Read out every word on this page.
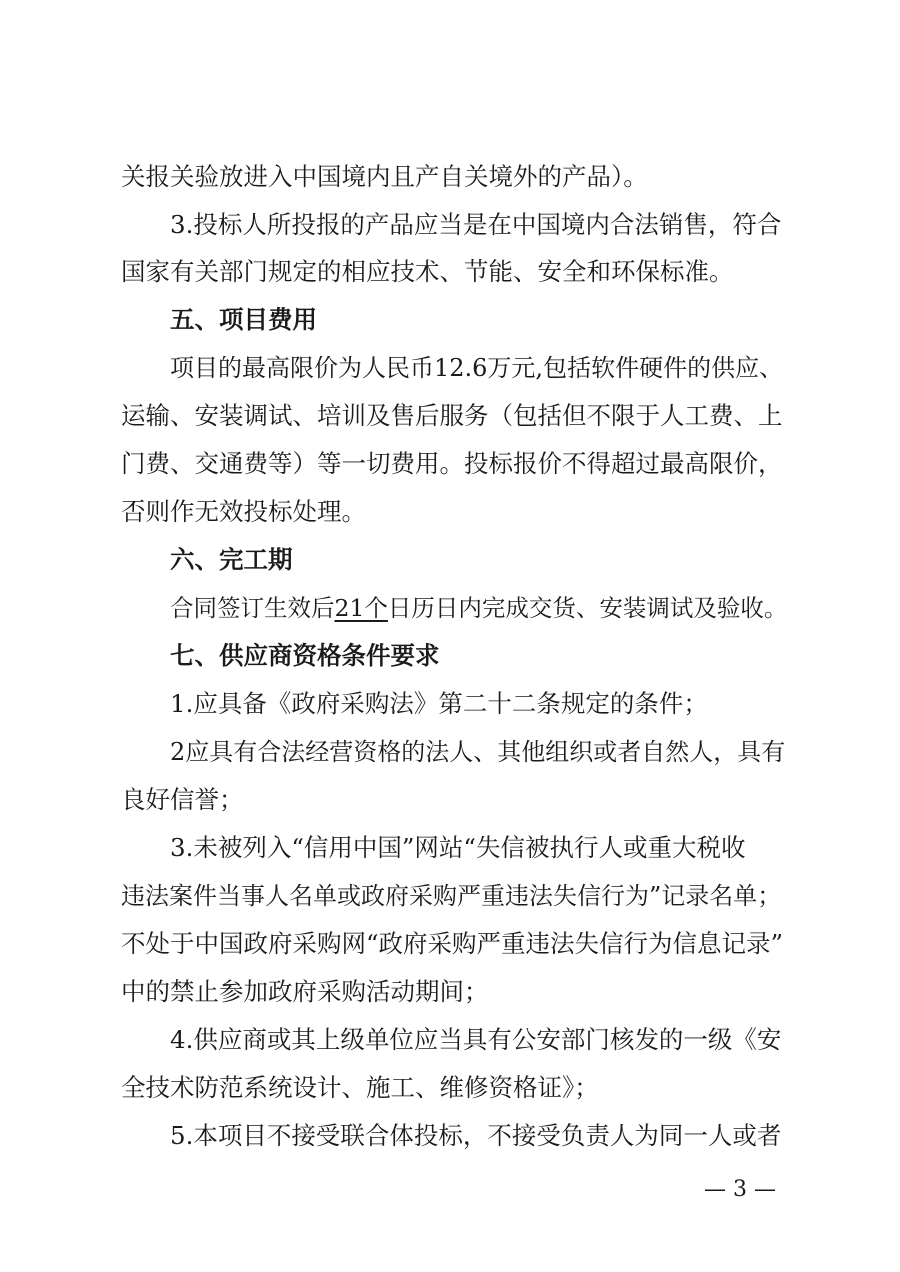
关报关验放进入中国境内且产自关境外的产品）。
3.投标人所投报的产品应当是在中国境内合法销售，符合
国家有关部门规定的相应技术、节能、安全和环保标准。
五、项目费用
项目的最高限价为人民币12.6万元,包括软件硬件的供应、
运输、安装调试、培训及售后服务（包括但不限于人工费、上
门费、交通费等）等一切费用。投标报价不得超过最高限价，
否则作无效投标处理。
六、完工期
合同签订生效后21个日历日内完成交货、安装调试及验收。
七、供应商资格条件要求
1.应具备《政府采购法》第二十二条规定的条件；
2应具有合法经营资格的法人、其他组织或者自然人，具有
良好信誉；
3.未被列入“信用中国”网站“失信被执行人或重大税收
违法案件当事人名单或政府采购严重违法失信行为”记录名单；
不处于中国政府采购网“政府采购严重违法失信行为信息记录”
中的禁止参加政府采购活动期间；
4.供应商或其上级单位应当具有公安部门核发的一级《安
全技术防范系统设计、施工、维修资格证》；
5.本项目不接受联合体投标，不接受负责人为同一人或者
— 3 —
